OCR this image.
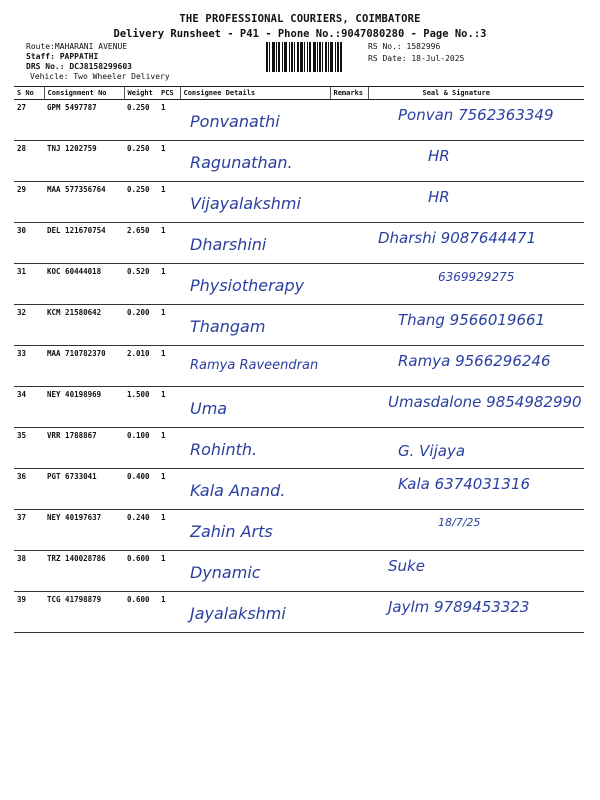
THE PROFESSIONAL COURIERS, COIMBATORE
Delivery Runsheet - P41 - Phone No.:9047080280 - Page No.:3
Route:MAHARANI AVENUE
Staff: PAPPATHI
DRS No.: DCJ8158299603
Vehicle: Two Wheeler Delivery
RS No.: 1582996
RS Date: 18-Jul-2025
S No	Consignment No	Weight	PCS	Consignee Details	Remarks	Seal & Signature
27	GPM 5497787	0.250	1	Ponvanathi		Ponvan 7562363349

28	TNJ 1202759	0.250	1	Ragunathan.		HR

29	MAA 577356764	0.250	1	Vijayalakshmi		HR

30	DEL 121670754	2.650	1	Dharshini		Dharshi 9087644471

31	KOC 60444018	0.520	1	Physiotherapy		6369929275

32	KCM 21580642	0.200	1	Thangam		Thang 9566019661

33	MAA 710782370	2.010	1	Ramya Raveendran		Ramya 9566296246

34	NEY 40198969	1.500	1	Uma		Umasdalone 9854982990

35	VRR 1788867	0.100	1	Rohinth.		G. Vijaya

36	PGT 6733041	0.400	1	Kala Anand.		Kala 6374031316

37	NEY 40197637	0.240	1	Zahin Arts		18/7/25

38	TRZ 140028786	0.600	1	Dynamic		Suke

39	TCG 41798879	0.600	1	Jayalakshmi		Jaylm 9789453323
